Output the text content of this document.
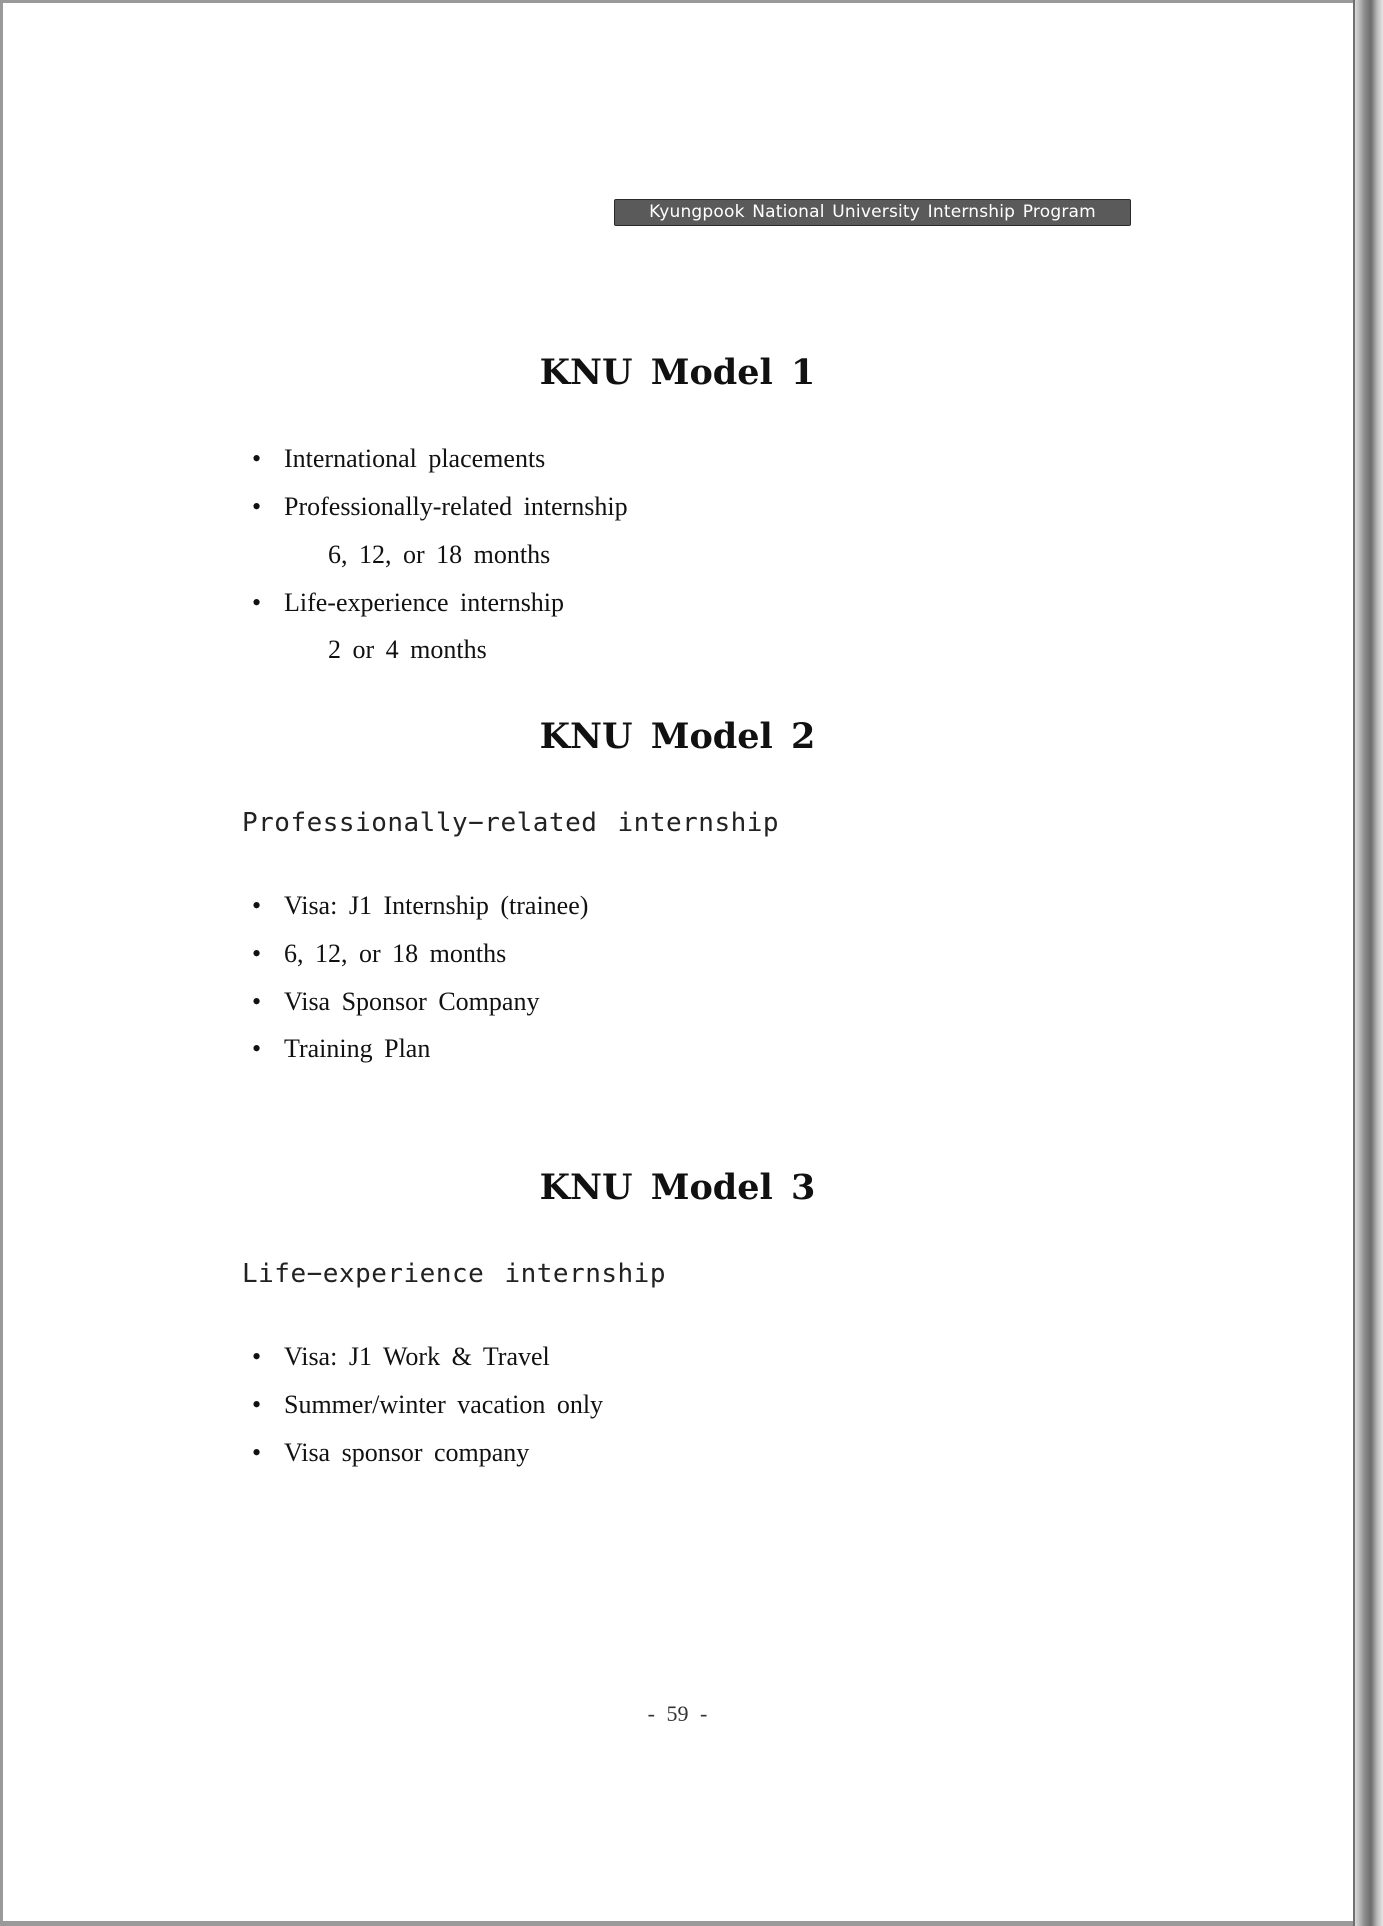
Kyungpook National University Internship Program
KNU Model 1
• International placements
• Professionally-related internship
6, 12, or 18 months
• Life-experience internship
2 or 4 months
KNU Model 2
Professionally−related internship
• Visa: J1 Internship (trainee)
• 6, 12, or 18 months
• Visa Sponsor Company
• Training Plan
KNU Model 3
Life−experience internship
• Visa: J1 Work & Travel
• Summer/winter vacation only
• Visa sponsor company
- 59 -
